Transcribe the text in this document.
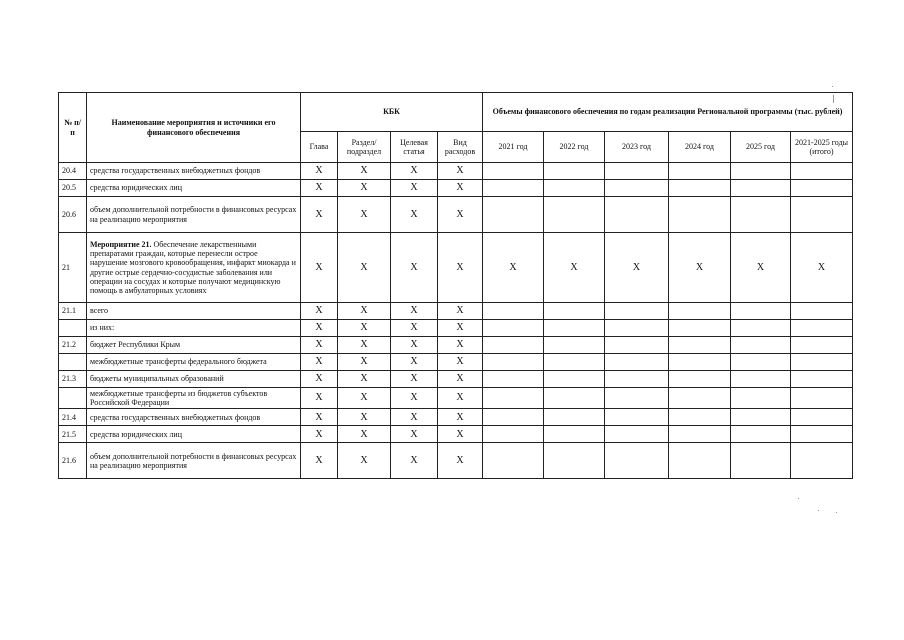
№ п/п	Наименование мероприятия и источники его финансового обеспечения	КБК				Объемы финансового обеспечения по годам реализации Региональной программы (тыс. рублей)					
		Глава	Раздел/ подраздел	Целевая статья	Вид расходов	2021 год	2022 год	2023 год	2024 год	2025 год	2021-2025 годы (итого)
20.4	средства государственных внебюджетных фондов	Х	Х	Х	Х						
20.5	средства юридических лиц	Х	Х	Х	Х						
20.6	объем дополнительной потребности в финансовых ресурсах на реализацию мероприятия	Х	Х	Х	Х						
21	Мероприятие 21. Обеспечение лекарственными препаратами граждан, которые перенесли острое нарушение мозгового кровообращения, инфаркт миокарда и другие острые сердечно-сосудистые заболевания или операции на сосудах и которые получают медицинскую помощь в амбулаторных условиях	Х	Х	Х	Х	Х	Х	Х	Х	Х	Х
21.1	всего	Х	Х	Х	Х						
	из них:	Х	Х	Х	Х						
21.2	бюджет Республики Крым	Х	Х	Х	Х						
	межбюджетные трансферты федерального бюджета	Х	Х	Х	Х						
21.3	бюджеты муниципальных образований	Х	Х	Х	Х						
	межбюджетные трансферты из бюджетов субъектов Российской Федерации	Х	Х	Х	Х						
21.4	средства государственных внебюджетных фондов	Х	Х	Х	Х						
21.5	средства юридических лиц	Х	Х	Х	Х						
21.6	объем дополнительной потребности в финансовых ресурсах на реализацию мероприятия	Х	Х	Х	Х						
